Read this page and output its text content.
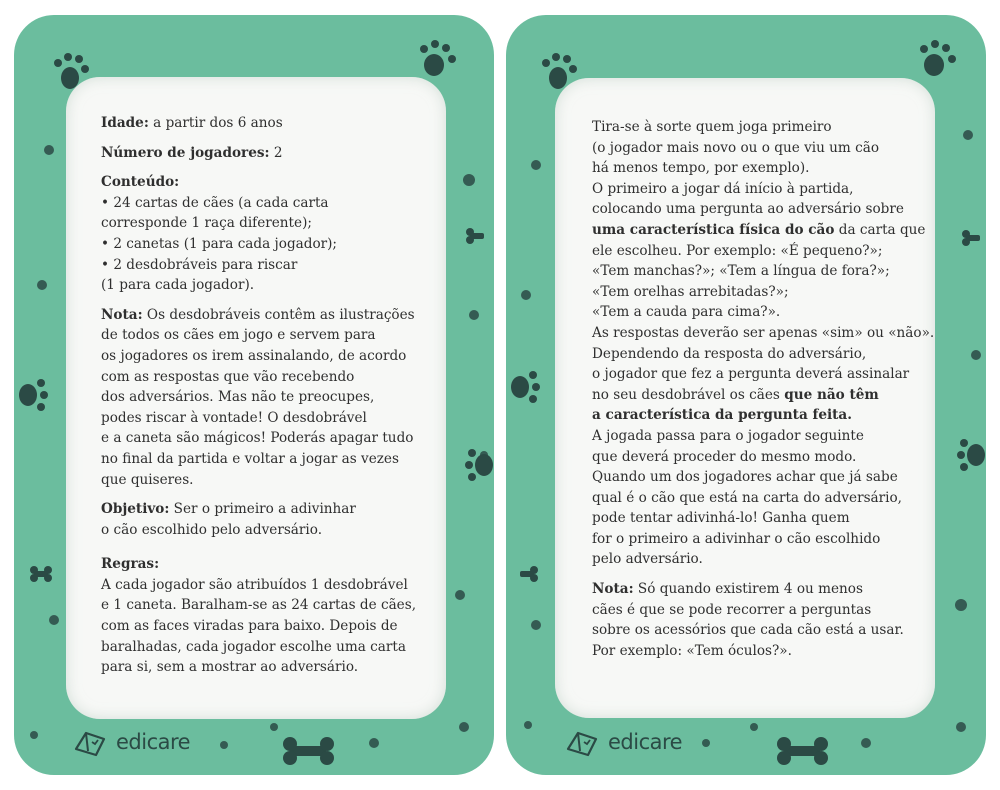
Idade: a partir dos 6 anos
Número de jogadores: 2
Conteúdo:
• 24 cartas de cães (a cada carta
corresponde 1 raça diferente);
• 2 canetas (1 para cada jogador);
• 2 desdobráveis para riscar
(1 para cada jogador).
Nota: Os desdobráveis contêm as ilustrações
de todos os cães em jogo e servem para
os jogadores os irem assinalando, de acordo
com as respostas que vão recebendo
dos adversários. Mas não te preocupes,
podes riscar à vontade! O desdobrável
e a caneta são mágicos! Poderás apagar tudo
no final da partida e voltar a jogar as vezes
que quiseres.
Objetivo: Ser o primeiro a adivinhar
o cão escolhido pelo adversário.
Regras:
A cada jogador são atribuídos 1 desdobrável
e 1 caneta. Baralham-se as 24 cartas de cães,
com as faces viradas para baixo. Depois de
baralhadas, cada jogador escolhe uma carta
para si, sem a mostrar ao adversário.
edicare
Tira-se à sorte quem joga primeiro
(o jogador mais novo ou o que viu um cão
há menos tempo, por exemplo).
O primeiro a jogar dá início à partida,
colocando uma pergunta ao adversário sobre
uma característica física do cão da carta que
ele escolheu. Por exemplo: «É pequeno?»;
«Tem manchas?»; «Tem a língua de fora?»;
«Tem orelhas arrebitadas?»;
«Tem a cauda para cima?».
As respostas deverão ser apenas «sim» ou «não».
Dependendo da resposta do adversário,
o jogador que fez a pergunta deverá assinalar
no seu desdobrável os cães que não têm
a característica da pergunta feita.
A jogada passa para o jogador seguinte
que deverá proceder do mesmo modo.
Quando um dos jogadores achar que já sabe
qual é o cão que está na carta do adversário,
pode tentar adivinhá-lo! Ganha quem
for o primeiro a adivinhar o cão escolhido
pelo adversário.
Nota: Só quando existirem 4 ou menos
cães é que se pode recorrer a perguntas
sobre os acessórios que cada cão está a usar.
Por exemplo: «Tem óculos?».
edicare
